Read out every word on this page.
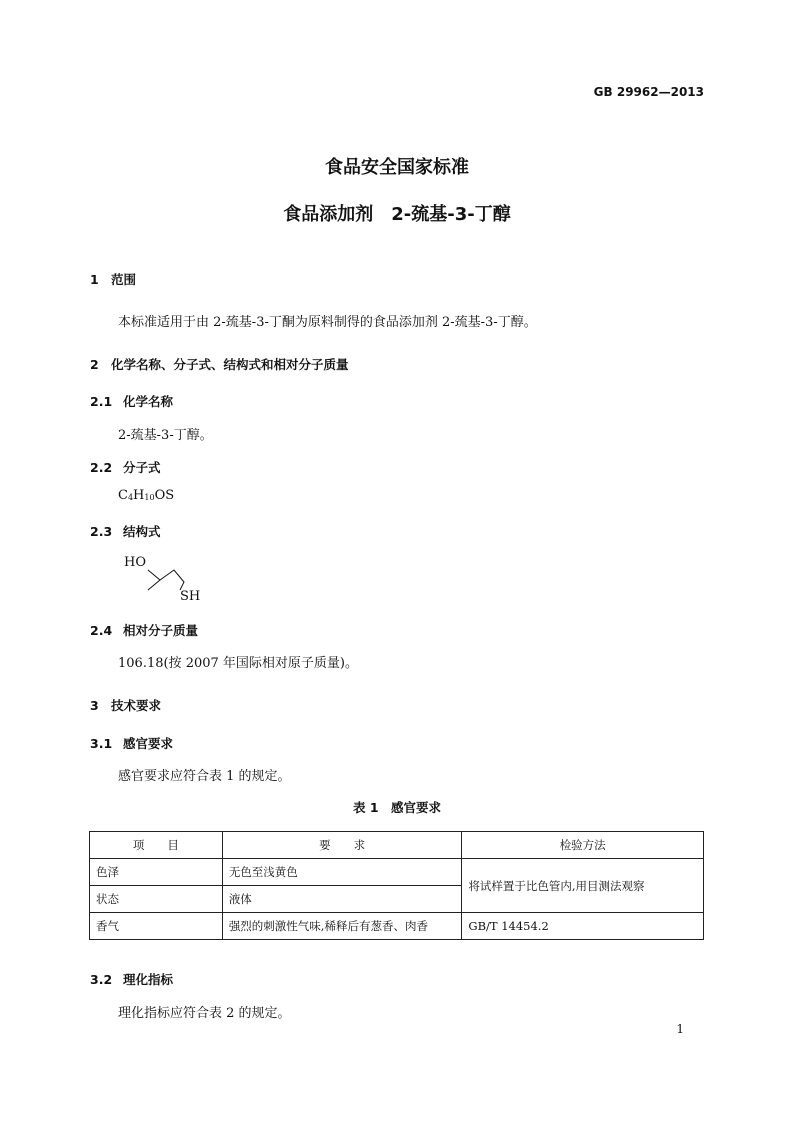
GB 29962—2013
食品安全国家标准
食品添加剂　2-巯基-3-丁醇
1 范围
本标准适用于由 2-巯基-3-丁酮为原料制得的食品添加剂 2-巯基-3-丁醇。
2 化学名称、分子式、结构式和相对分子质量
2.1 化学名称
2-巯基-3-丁醇。
2.2 分子式
$C_4H_{10}OS$
2.3 结构式
HO
SH
2.4 相对分子质量
106.18(按 2007 年国际相对原子质量)。
3 技术要求
3.1 感官要求
感官要求应符合表 1 的规定。
表 1　感官要求
项　　目	要　　求	检验方法
色泽	无色至浅黄色	将试样置于比色管内,用目测法观察
状态	液体	
香气	强烈的刺激性气味,稀释后有葱香、肉香	GB/T 14454.2
3.2 理化指标
理化指标应符合表 2 的规定。
1
